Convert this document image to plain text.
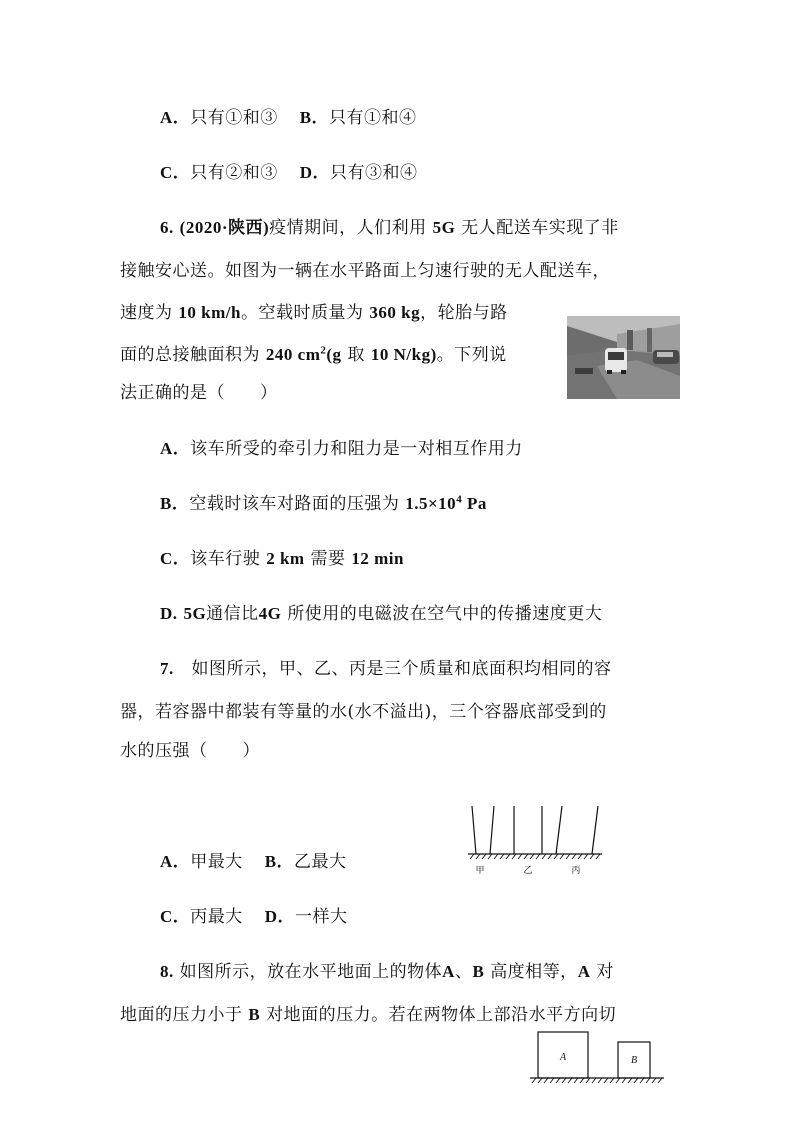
A．只有①和③ B．只有①和④
C．只有②和③ D．只有③和④
6. (2020·陕西)疫情期间，人们利用 5G 无人配送车实现了非
接触安心送。如图为一辆在水平路面上匀速行驶的无人配送车，
速度为 10 km/h。空载时质量为 360 kg，轮胎与路
面的总接触面积为 240 $cm^2(g$ 取 10 N/kg)。下列说
法正确的是（　　）
A．该车所受的牵引力和阻力是一对相互作用力
B．空载时该车对路面的压强为 $1.5\times 10^4$ Pa
C．该车行驶 2 km 需要 12 min
D. 5G通信比4G 所使用的电磁波在空气中的传播速度更大
7. 如图所示，甲、乙、丙是三个质量和底面积均相同的容
器，若容器中都装有等量的水(水不溢出)，三个容器底部受到的
水的压强（　　）
甲	乙	丙
A．甲最大 B．乙最大
C．丙最大 D．一样大
8. 如图所示，放在水平地面上的物体A、B 高度相等，A 对
地面的压力小于 B 对地面的压力。若在两物体上部沿水平方向切
A	B
